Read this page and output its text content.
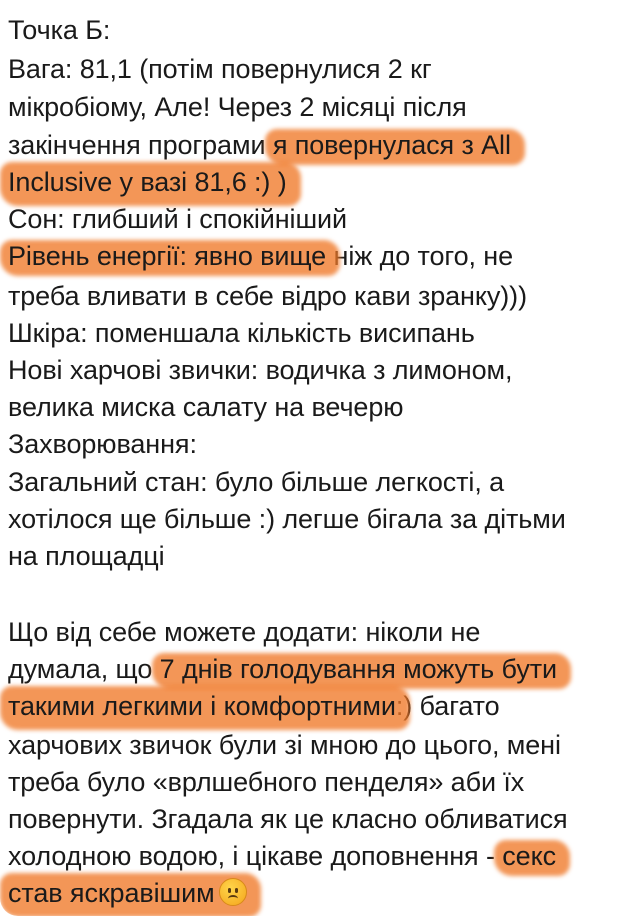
Точка Б:
Вага: 81,1 (потім повернулися 2 кг
мікробіому, Але! Через 2 місяці після
закінчення програми я повернулася з All
Inclusive у вазі 81,6 :) )
Сон: глибший і спокійніший
Рівень енергії: явно вище ніж до того, не
треба вливати в себе відро кави зранку)))
Шкіра: поменшала кількість висипань
Нові харчові звички: водичка з лимоном,
велика миска салату на вечерю
Захворювання:
Загальний стан: було більше легкості, а
хотілося ще більше :) легше бігала за дітьми
на площадці
Що від себе можете додати: ніколи не
думала, що 7 днів голодування можуть бути
такими легкими і комфортними:) багато
харчових звичок були зі мною до цього, мені
треба було «врлшебного пенделя» аби їх
повернути. Згадала як це класно обливатися
холодною водою, і цікаве доповнення - секс
став яскравішим
